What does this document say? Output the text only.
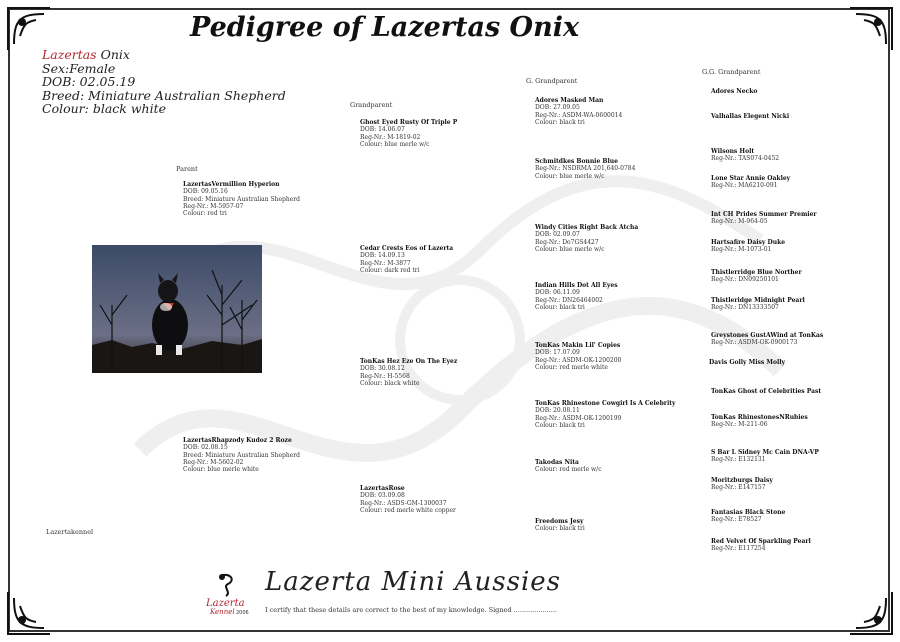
Pedigree of Lazertas Onix
Lazertas Onix
Sex:Female
DOB: 02.05.19
Breed: Miniature Australian Shepherd
Colour: black white
Parent
Grandparent
G. Grandparent
G.G. Grandparent
LazertasVermillion Hyperion
DOB: 09.05.16
Breed: Miniature Australian Shepherd
Reg-Nr.: M-5957-07
Colour: red tri
LazertasRhapzody Kudoz 2 Roze
DOB: 02.08.15
Breed: Miniature Australian Shepherd
Reg-Nr.: M-5602-02
Colour: blue merle white
Ghost Eyed Rusty Of Triple P
DOB: 14.06.07
Reg-Nr.: M-1819-02
Colour: blue merle w/c
Cedar Crests Eos of Lazerta
DOB: 14.09.13
Reg-Nr.: M-3877
Colour: dark red tri
TonKas Hez Eze On The Eyez
DOB: 30.08.12
Reg-Nr.: H-5568
Colour: black white
LazertasRose
DOB: 03.09.08
Reg-Nr.: ASDS-GM-1300037
Colour: red merle white copper
Adores Masked Man
DOB: 27.09.05
Reg-Nr.: ASDM-WA-0600014
Colour: black tri
Schmitdkes Bonnie Blue
Reg-Nr.: NSDRMA 201,640-0784
Colour: blue merle w/c
Windy Cities Right Back Atcha
DOB: 02.09.07
Reg-Nr.: Do7GS4427
Colour: blue merle w/c
Indian Hills Dot All Eyes
DOB: 06.11.09
Reg-Nr.: DN26464002
Colour: black tri
TonKas Makin Lil' Copies
DOB: 17.07.09
Reg-Nr.: ASDM-OK-1200200
Colour: red merle white
TonKas Rhinestone Cowgirl Is A Celebrity
DOB: 20.08.11
Reg-Nr.: ASDM-OK-1200199
Colour: black tri
Takodas Nita
Colour: red merle w/c
Freedoms Jesy
Colour: black tri
Adores Necko
Valhallas Elegent Nicki
Wilsons Holt
Reg-Nr.: TAS074-0452
Lone Star Annie Oakley
Reg-Nr.: MA6210-091
Int CH Prides Summer Premier
Reg-Nr.: M-964-05
Hartsafire Daisy Duke
Reg-Nr.: M-1073-01
Thistlerridge Blue Norther
Reg-Nr.: DN09250101
Thistleridge Midnight Pearl
Reg-Nr.: DN13333507
Greystones GustAWind at TonKas
Reg-Nr.: ASDM-OK-0900173
Davis Golly Miss Molly
TonKas Ghost of Celebrities Past
TonKas RhinestonesNRubies
Reg-Nr.: M-211-06
S Bar L Sidney Mc Cain DNA-VP
Reg-Nr.: E132131
Moritzburgs Daisy
Reg-Nr.: E147157
Fantasias Black Stone
Reg-Nr.: E78527
Red Velvet Of Sparkling Pearl
Reg-Nr.: E117254
Lazertakennel
Lazerta
Kennel 2006
Lazerta Mini Aussies
I certify that these details are correct to the best of my knowledge. Signed .....................
